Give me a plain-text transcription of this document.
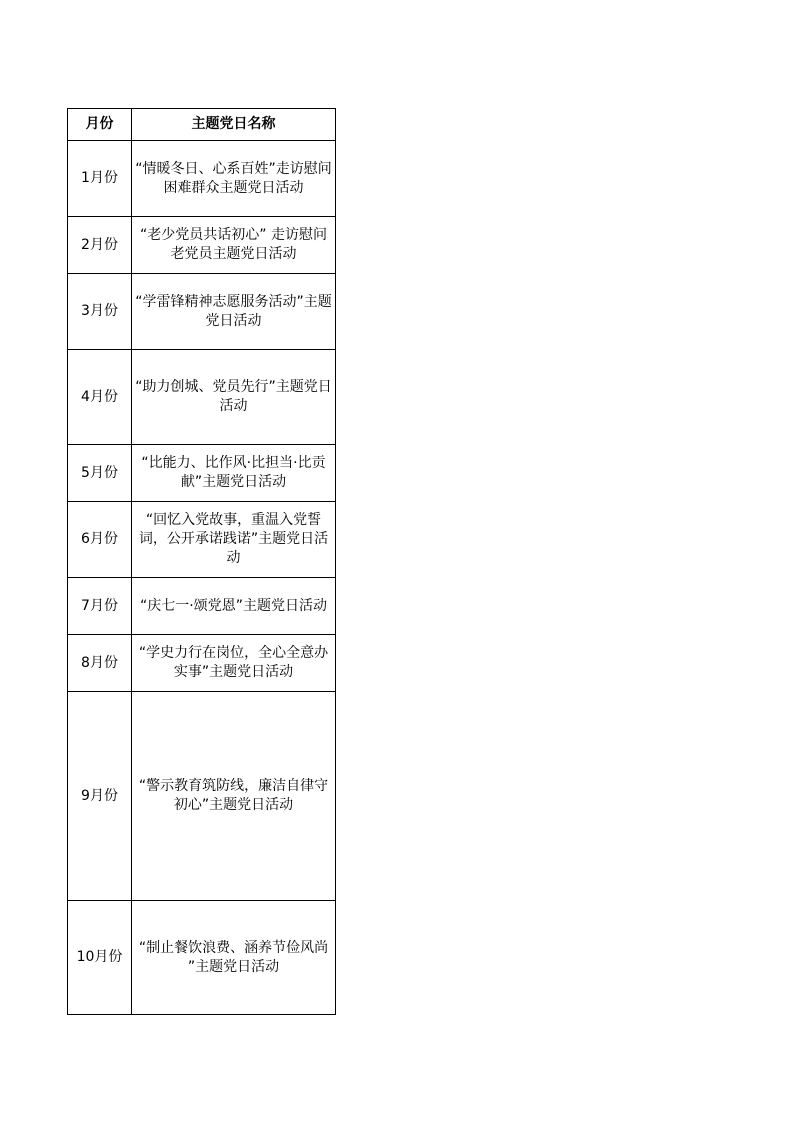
月份	主题党日名称
1月份	“情暖冬日、心系百姓”走访慰问困难群众主题党日活动
2月份	“老少党员共话初心” 走访慰问老党员主题党日活动
3月份	“学雷锋精神志愿服务活动”主题党日活动
4月份	“助力创城、党员先行”主题党日活动
5月份	“比能力、比作风·比担当·比贡献”主题党日活动
6月份	“回忆入党故事，重温入党誓词，公开承诺践诺”主题党日活动
7月份	“庆七一·颂党恩”主题党日活动
8月份	“学史力行在岗位，全心全意办实事”主题党日活动
9月份	“警示教育筑防线，廉洁自律守初心”主题党日活动
10月份	“制止餐饮浪费、涵养节俭风尚 ”主题党日活动
